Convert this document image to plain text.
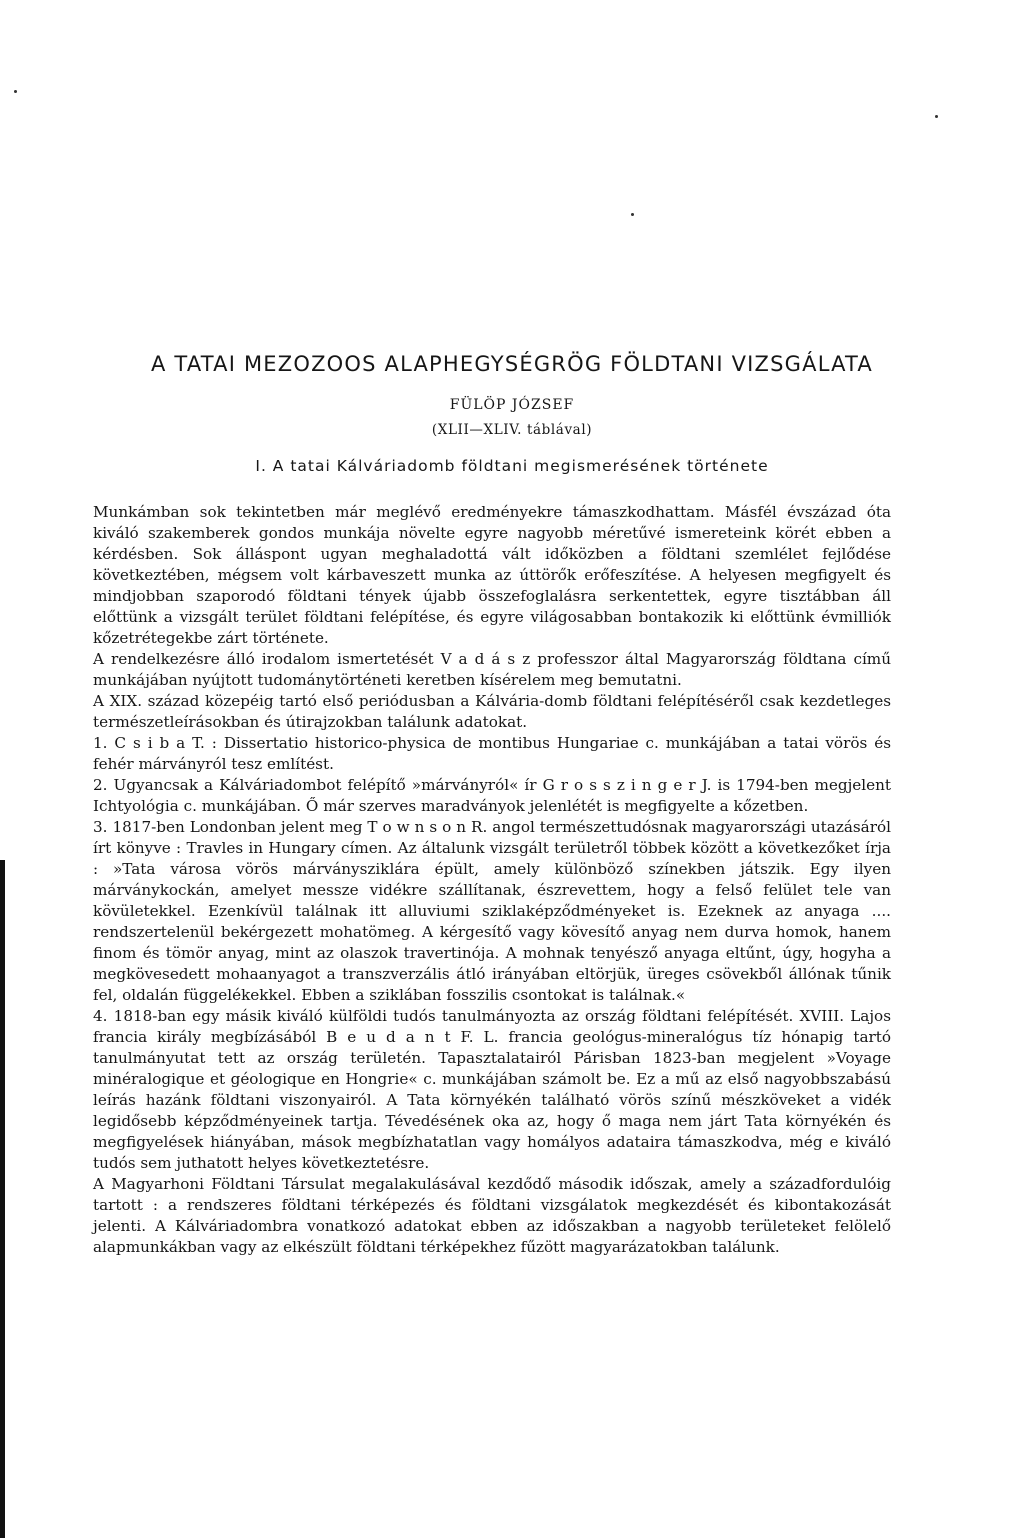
A TATAI MEZOZOOS ALAPHEGYSÉGRÖG FÖLDTANI VIZSGÁLATA
FÜLÖP JÓZSEF
(XLII—XLIV. táblával)
I. A tatai Kálváriadomb földtani megismerésének története

Munkámban sok tekintetben már meglévő eredményekre támaszkodhattam. Másfél évszázad óta kiváló szakemberek gondos munkája növelte egyre nagyobb méretűvé ismereteink körét ebben a kérdésben. Sok álláspont ugyan meghaladottá vált időközben a földtani szemlélet fejlődése következtében, mégsem volt kárbaveszett munka az úttörők erőfeszítése. A helyesen megfigyelt és mindjobban szaporodó földtani tények újabb összefoglalásra serkentettek, egyre tisztábban áll előttünk a vizsgált terület földtani felépítése, és egyre világosabban bontakozik ki előttünk évmilliók kőzetrétegekbe zárt története.

A rendelkezésre álló irodalom ismertetését V a d á s z professzor által Magyarország földtana című munkájában nyújtott tudománytörténeti keretben kísérelem meg bemutatni.

A XIX. század közepéig tartó első periódusban a Kálvária-domb földtani felépítéséről csak kezdetleges természetleírásokban és útirajzokban találunk adatokat.

1. C s i b a T. : Dissertatio historico-physica de montibus Hungariae c. munkájában a tatai vörös és fehér márványról tesz említést.

2. Ugyancsak a Kálváriadombot felépítő »márványról« ír G r o s s z i n g e r J. is 1794-ben megjelent Ichtyológia c. munkájában. Ő már szerves maradványok jelenlétét is megfigyelte a kőzetben.

3. 1817-ben Londonban jelent meg T o w n s o n R. angol természettudósnak magyarországi utazásáról írt könyve : Travles in Hungary címen. Az általunk vizsgált területről többek között a következőket írja : »Tata városa vörös márványsziklára épült, amely különböző színekben játszik. Egy ilyen márványkockán, amelyet messze vidékre szállítanak, észrevettem, hogy a felső felület tele van kövületekkel. Ezenkívül találnak itt alluviumi sziklaképződményeket is. Ezeknek az anyaga .... rendszertelenül bekérgezett mohatömeg. A kérgesítő vagy kövesítő anyag nem durva homok, hanem finom és tömör anyag, mint az olaszok travertinója. A mohnak tenyésző anyaga eltűnt, úgy, hogyha a megkövesedett mohaanyagot a transzverzális átló irányában eltörjük, üreges csövekből állónak tűnik fel, oldalán függelékekkel. Ebben a sziklában fosszilis csontokat is találnak.«

4. 1818-ban egy másik kiváló külföldi tudós tanulmányozta az ország földtani felépítését. XVIII. Lajos francia király megbízásából B e u d a n t F. L. francia geológus-mineralógus tíz hónapig tartó tanulmányutat tett az ország területén. Tapasztalatairól Párisban 1823-ban megjelent »Voyage minéralogique et géologique en Hongrie« c. munkájában számolt be. Ez a mű az első nagyobbszabású leírás hazánk földtani viszonyairól. A Tata környékén található vörös színű mészköveket a vidék legidősebb képződményeinek tartja. Tévedésének oka az, hogy ő maga nem járt Tata környékén és megfigyelések hiányában, mások megbízhatatlan vagy homályos adataira támaszkodva, még e kiváló tudós sem juthatott helyes következtetésre.

A Magyarhoni Földtani Társulat megalakulásával kezdődő második időszak, amely a századfordulóig tartott : a rendszeres földtani térképezés és földtani vizsgálatok megkezdését és kibontakozását jelenti. A Kálváriadombra vonatkozó adatokat ebben az időszakban a nagyobb területeket felölelő alapmunkákban vagy az elkészült földtani térképekhez fűzött magyarázatokban találunk.
